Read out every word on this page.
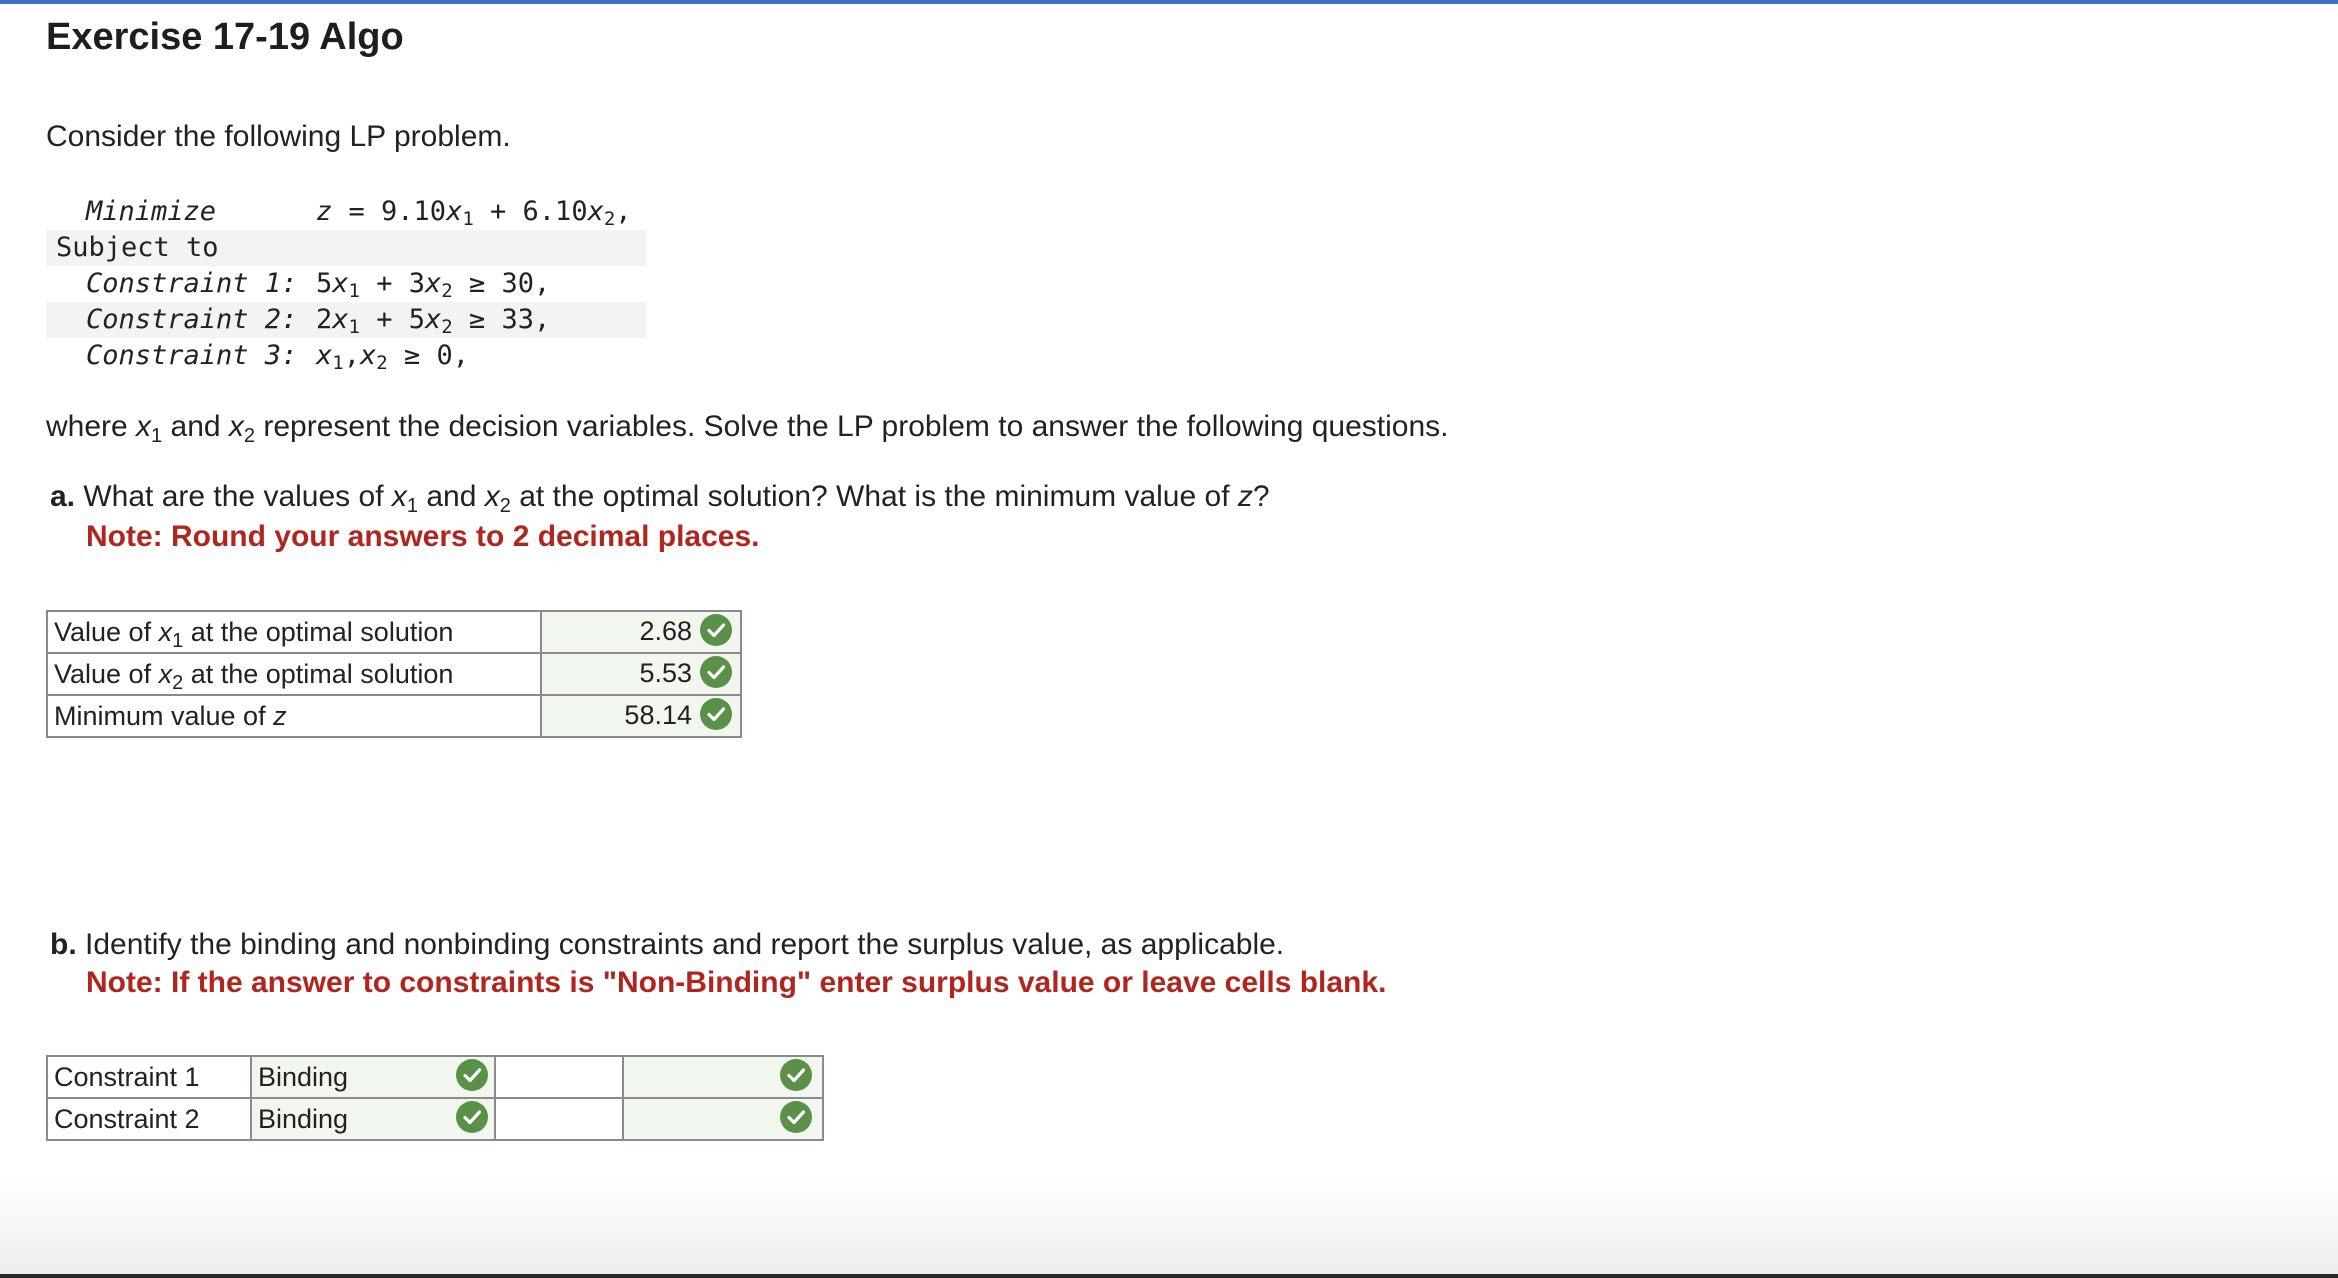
Exercise 17-19 Algo
Consider the following LP problem.
Minimize	$z = 9.10x_1 + 6.10x_2$,
Subject to
Constraint 1: $5x_1 + 3x_2 \ge 30$,
Constraint 2: $2x_1 + 5x_2 \ge 33$,
Constraint 3: $x_1,x_2 \ge 0$,
where $x_1$ and $x_2$ represent the decision variables. Solve the LP problem to answer the following questions.
a. What are the values of $x_1$ and $x_2$ at the optimal solution? What is the minimum value of z?
Note: Round your answers to 2 decimal places.
b. Identify the binding and nonbinding constraints and report the surplus value, as applicable.
Note: If the answer to constraints is "Non-Binding" enter surplus value or leave cells blank.
Value of $x_1$ at the optimal solution	2.68

Value of $x_2$ at the optimal solution	5.53

Minimum value of z	58.14
Constraint 1	Binding

Constraint 2	Binding
